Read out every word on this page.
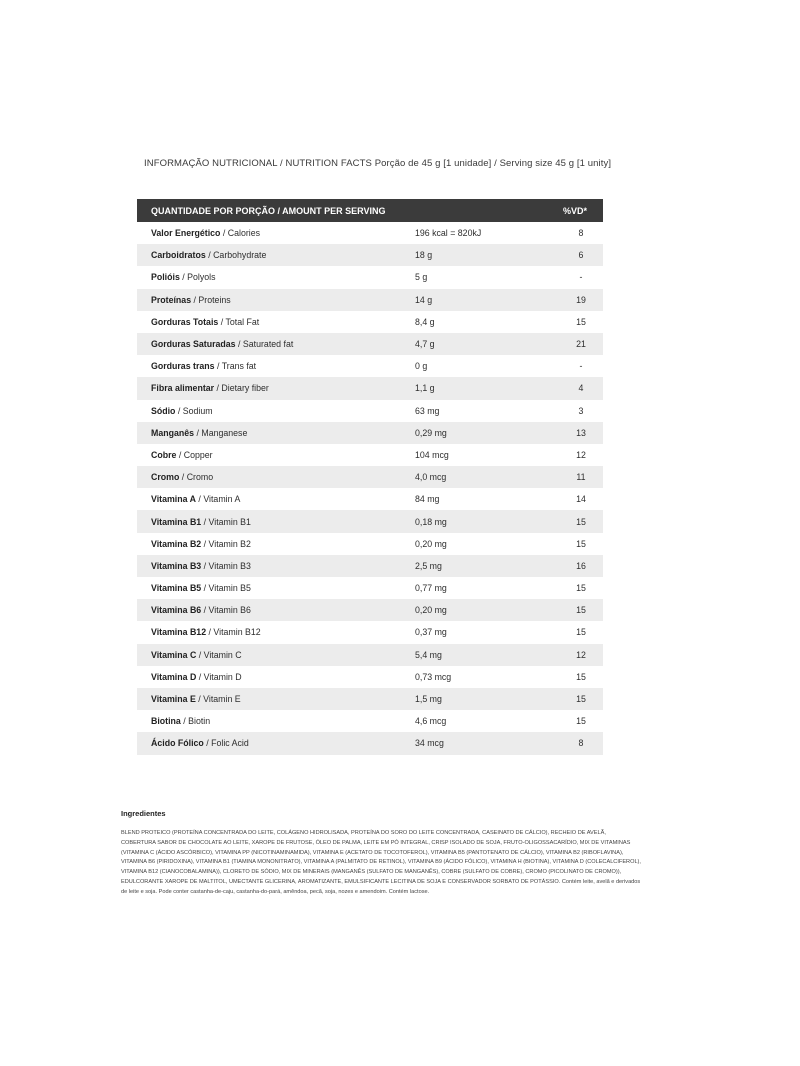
INFORMAÇÃO NUTRICIONAL / NUTRITION FACTS Porção de 45 g [1 unidade] / Serving size 45 g [1 unity]
QUANTIDADE POR PORÇÃO / AMOUNT PER SERVING	%VD*
Valor Energético / Calories	196 kcal = 820kJ	8
Carboidratos / Carbohydrate	18 g	6
Polióis / Polyols	5 g	-
Proteínas / Proteins	14 g	19
Gorduras Totais / Total Fat	8,4 g	15
Gorduras Saturadas / Saturated fat	4,7 g	21
Gorduras trans / Trans fat	0 g	-
Fibra alimentar / Dietary fiber	1,1 g	4
Sódio / Sodium	63 mg	3
Manganês / Manganese	0,29 mg	13
Cobre / Copper	104 mcg	12
Cromo / Cromo	4,0 mcg	11
Vitamina A / Vitamin A	84 mg	14
Vitamina B1 / Vitamin B1	0,18 mg	15
Vitamina B2 / Vitamin B2	0,20 mg	15
Vitamina B3 / Vitamin B3	2,5 mg	16
Vitamina B5 / Vitamin B5	0,77 mg	15
Vitamina B6 / Vitamin B6	0,20 mg	15
Vitamina B12 / Vitamin B12	0,37 mg	15
Vitamina C / Vitamin C	5,4 mg	12
Vitamina D / Vitamin D	0,73 mcg	15
Vitamina E / Vitamin E	1,5 mg	15
Biotina / Biotin	4,6 mcg	15
Ácido Fólico / Folic Acid	34 mcg	8
Ingredientes
BLEND PROTEICO (PROTEÍNA CONCENTRADA DO LEITE, COLÁGENO HIDROLISADA, PROTEÍNA DO SORO DO LEITE CONCENTRADA, CASEINATO DE CÁLCIO), RECHEIO DE AVELÃ, COBERTURA SABOR DE CHOCOLATE AO LEITE, XAROPE DE FRUTOSE, ÓLEO DE PALMA, LEITE EM PÓ INTEGRAL, CRISP ISOLADO DE SOJA, FRUTO-OLIGOSSACARÍDIO, MIX DE VITAMINAS (VITAMINA C (ÁCIDO ASCÓRBICO), VITAMINA PP (NICOTINAMINAMIDA), VITAMINA E (ACETATO DE TOCOTOFEROL), VITAMINA B5 (PANTOTENATO DE CÁLCIO), VITAMINA B2 (RIBOFLAVINA), VITAMINA B6 (PIRIDOXINA), VITAMINA B1 (TIAMINA MONONITRATO), VITAMINA A (PALMITATO DE RETINOL), VITAMINA B9 (ÁCIDO FÓLICO), VITAMINA H (BIOTINA), VITAMINA D (COLECALCIFEROL), VITAMINA B12 (CIANOCOBALAMINA)), CLORETO DE SÓDIO, MIX DE MINERAIS (MANGANÊS (SULFATO DE MANGANÊS), COBRE (SULFATO DE COBRE), CROMO (PICOLINATO DE CROMO)), EDULCORANTE XAROPE DE MALTITOL, UMECTANTE GLICERINA, AROMATIZANTE, EMULSIFICANTE LECITINA DE SOJA E CONSERVADOR SORBATO DE POTÁSSIO. Contém leite, avelã e derivados de leite e soja. Pode conter castanha-de-caju, castanha-do-pará, amêndoa, pecã, soja, nozes e amendoim. Contém lactose.
